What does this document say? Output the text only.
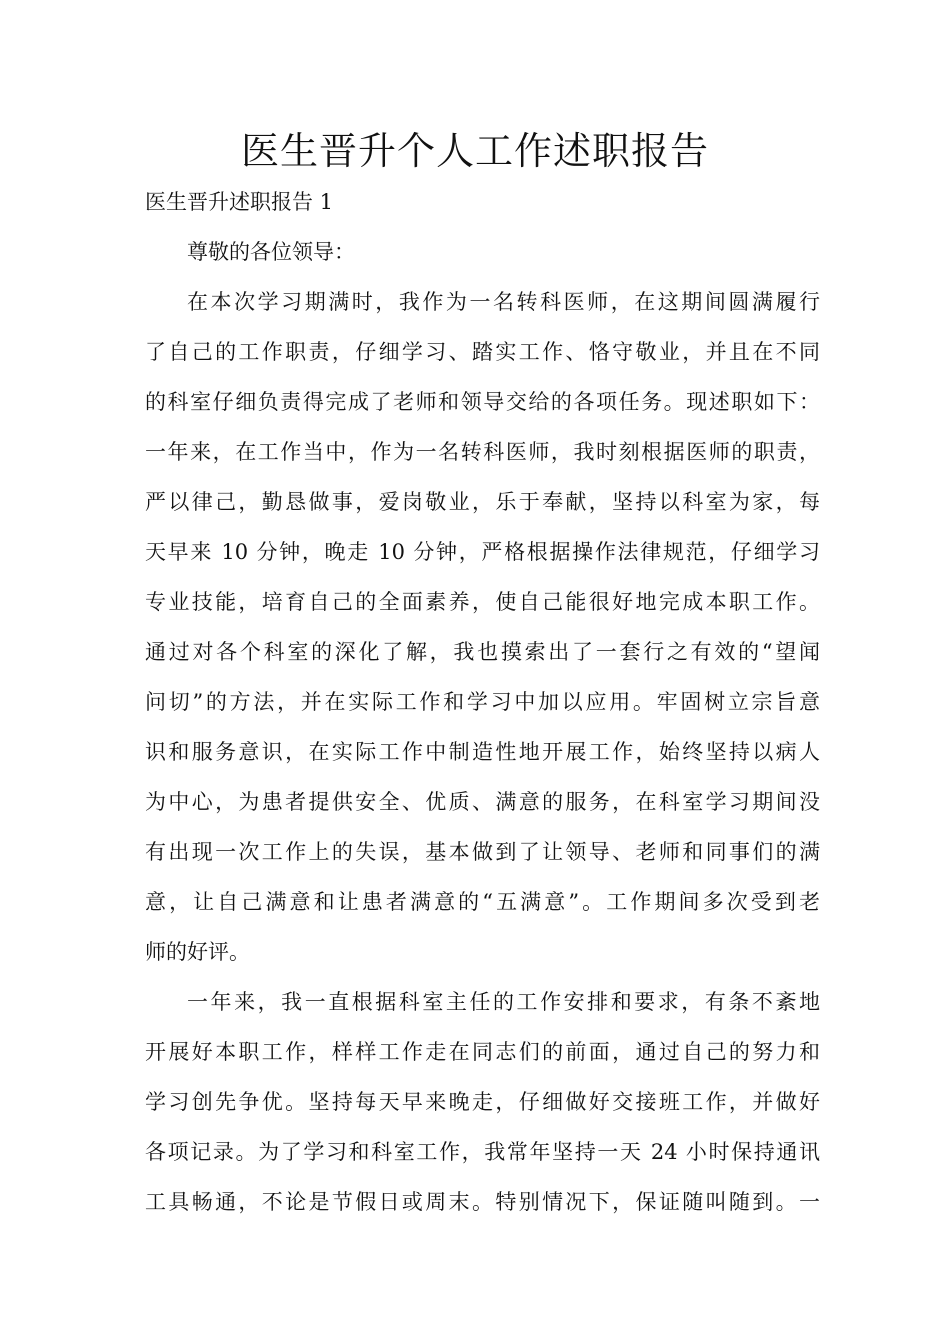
医生晋升个人工作述职报告
医生晋升述职报告 1
尊敬的各位领导：
在本次学习期满时，我作为一名转科医师，在这期间圆满履行
了自己的工作职责，仔细学习、踏实工作、恪守敬业，并且在不同
的科室仔细负责得完成了老师和领导交给的各项任务。现述职如下：
一年来，在工作当中，作为一名转科医师，我时刻根据医师的职责，
严以律己，勤恳做事，爱岗敬业，乐于奉献，坚持以科室为家，每
天早来 10 分钟，晚走 10 分钟，严格根据操作法律规范，仔细学习
专业技能，培育自己的全面素养，使自己能很好地完成本职工作。
通过对各个科室的深化了解，我也摸索出了一套行之有效的“望闻
问切”的方法，并在实际工作和学习中加以应用。牢固树立宗旨意
识和服务意识，在实际工作中制造性地开展工作，始终坚持以病人
为中心，为患者提供安全、优质、满意的服务，在科室学习期间没
有出现一次工作上的失误，基本做到了让领导、老师和同事们的满
意，让自己满意和让患者满意的“五满意”。工作期间多次受到老
师的好评。
一年来，我一直根据科室主任的工作安排和要求，有条不紊地
开展好本职工作，样样工作走在同志们的前面，通过自己的努力和
学习创先争优。坚持每天早来晚走，仔细做好交接班工作，并做好
各项记录。为了学习和科室工作，我常年坚持一天 24 小时保持通讯
工具畅通，不论是节假日或周末。特别情况下，保证随叫随到。一
